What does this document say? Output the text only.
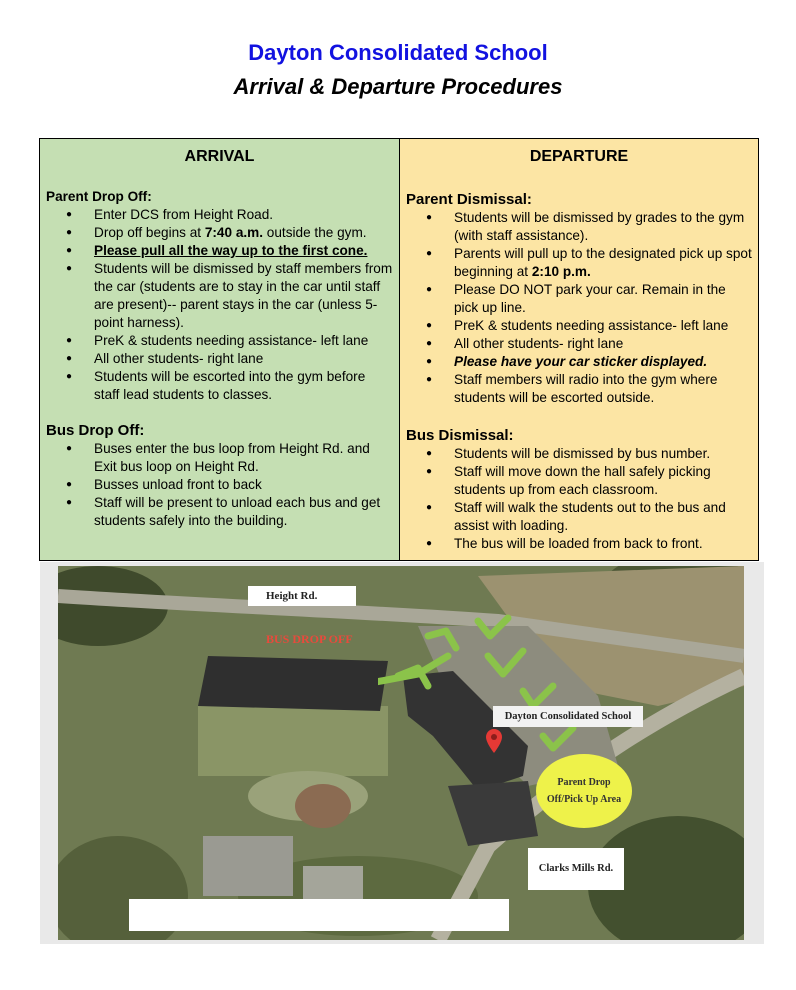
Dayton Consolidated School
Arrival & Departure Procedures
ARRIVAL
Parent Drop Off:
● Enter DCS from Height Road.
● Drop off begins at 7:40 a.m. outside the gym.
● Please pull all the way up to the first cone.
● Students will be dismissed by staff members from the car (students are to stay in the car until staff are present)-- parent stays in the car (unless 5-point harness).
● PreK & students needing assistance- left lane
● All other students- right lane
● Students will be escorted into the gym before staff lead students to classes.
Bus Drop Off:
● Buses enter the bus loop from Height Rd. and Exit bus loop on Height Rd.
● Busses unload front to back
● Staff will be present to unload each bus and get students safely into the building.
DEPARTURE
Parent Dismissal:
● Students will be dismissed by grades to the gym (with staff assistance).
● Parents will pull up to the designated pick up spot beginning at 2:10 p.m.
● Please DO NOT park your car. Remain in the pick up line.
● PreK & students needing assistance- left lane
● All other students- right lane
● Please have your car sticker displayed.
● Staff members will radio into the gym where students will be escorted outside.
Bus Dismissal:
● Students will be dismissed by bus number.
● Staff will move down the hall safely picking students up from each classroom.
● Staff will walk the students out to the bus and assist with loading.
● The bus will be loaded from back to front.
Parent Drop
Off/Pick Up Area
Height Rd.
BUS DROP OFF
Dayton Consolidated School
Clarks Mills Rd.
